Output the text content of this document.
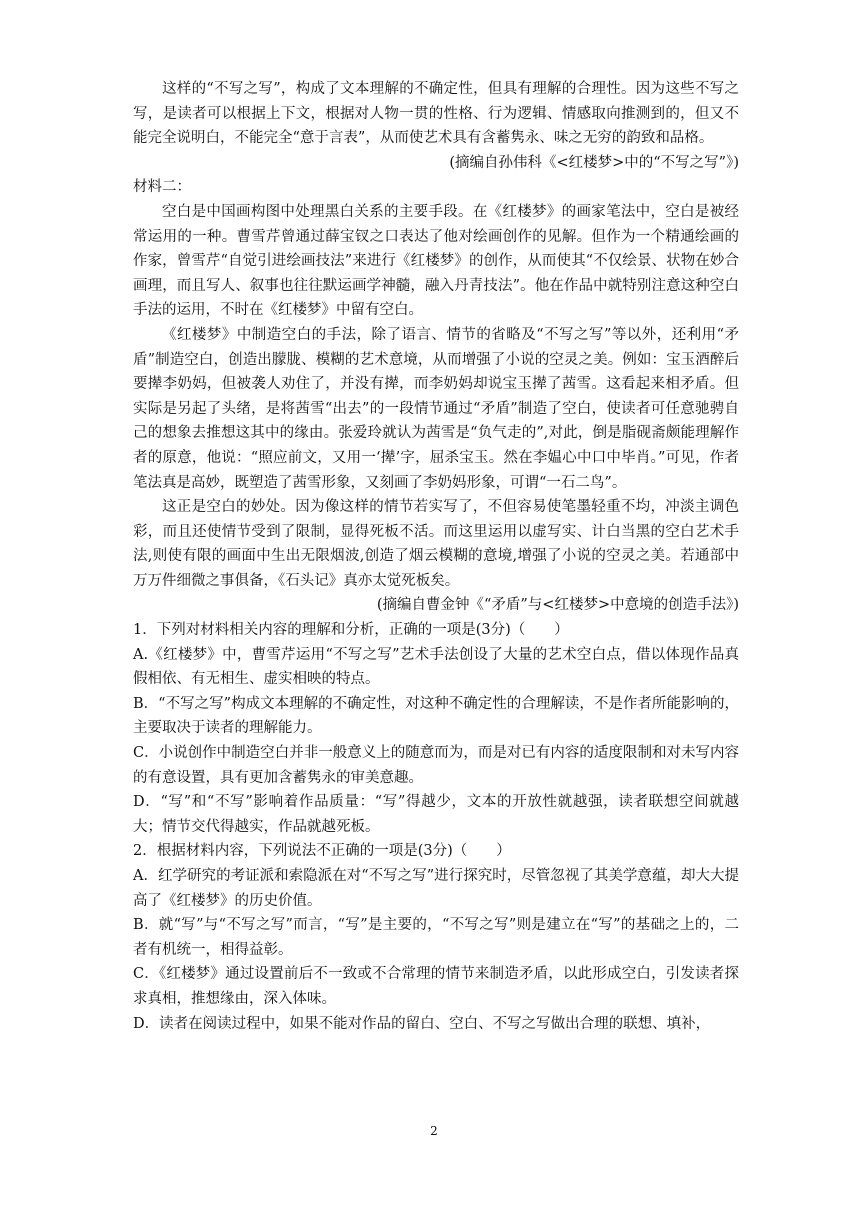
这样的“不写之写”，构成了文本理解的不确定性，但具有理解的合理性。因为这些不写之写，是读者可以根据上下文，根据对人物一贯的性格、行为逻辑、情感取向推测到的，但又不能完全说明白，不能完全“意于言表”，从而使艺术具有含蓄隽永、味之无穷的韵致和品格。

(摘编自孙伟科《<红楼梦>中的“不写之写”》)

材料二：

空白是中国画构图中处理黑白关系的主要手段。在《红楼梦》的画家笔法中，空白是被经常运用的一种。曹雪芹曾通过薛宝钗之口表达了他对绘画创作的见解。但作为一个精通绘画的作家，曾雪芹“自觉引进绘画技法”来进行《红楼梦》的创作，从而使其“不仅绘景、状物在妙合画理，而且写人、叙事也往往默运画学神髓，融入丹青技法”。他在作品中就特别注意这种空白手法的运用，不时在《红楼梦》中留有空白。

《红楼梦》中制造空白的手法，除了语言、情节的省略及“不写之写”等以外，还利用“矛盾”制造空白，创造出朦胧、模糊的艺术意境，从而增强了小说的空灵之美。例如：宝玉酒醉后要撵李奶妈，但被袭人劝住了，并没有撵，而李奶妈却说宝玉撵了茜雪。这看起来相矛盾。但实际是另起了头绪，是将茜雪“出去”的一段情节通过“矛盾”制造了空白，使读者可任意驰骋自己的想象去推想这其中的缘由。张爱玲就认为茜雪是“负气走的”,对此，倒是脂砚斋颇能理解作者的原意，他说：“照应前文，又用一‘撵’字，屈杀宝玉。然在李媪心中口中毕肖。”可见，作者笔法真是高妙，既塑造了茜雪形象，又刻画了李奶妈形象，可谓“一石二鸟”。

这正是空白的妙处。因为像这样的情节若实写了，不但容易使笔墨轻重不均，冲淡主调色彩，而且还使情节受到了限制，显得死板不活。而这里运用以虚写实、计白当黑的空白艺术手法,则使有限的画面中生出无限烟波,创造了烟云模糊的意境,增强了小说的空灵之美。若通部中万万件细微之事俱备，《石头记》真亦太觉死板矣。

(摘编自曹金钟《“矛盾”与<红楼梦>中意境的创造手法》)

1．下列对材料相关内容的理解和分析，正确的一项是(3分)（　　）

A.《红楼梦》中，曹雪芹运用“不写之写”艺术手法创设了大量的艺术空白点，借以体现作品真假相依、有无相生、虚实相映的特点。

B．“不写之写”构成文本理解的不确定性，对这种不确定性的合理解读，不是作者所能影响的，主要取决于读者的理解能力。

C．小说创作中制造空白并非一般意义上的随意而为，而是对已有内容的适度限制和对未写内容的有意设置，具有更加含蓄隽永的审美意趣。

D．“写”和“不写”影响着作品质量：“写”得越少，文本的开放性就越强，读者联想空间就越大；情节交代得越实，作品就越死板。

2．根据材料内容，下列说法不正确的一项是(3分)（　　）

A．红学研究的考证派和索隐派在对“不写之写”进行探究时，尽管忽视了其美学意蕴，却大大提高了《红楼梦》的历史价值。

B．就“写”与“不写之写”而言，“写”是主要的，“不写之写”则是建立在“写”的基础之上的，二者有机统一，相得益彰。

C．《红楼梦》通过设置前后不一致或不合常理的情节来制造矛盾，以此形成空白，引发读者探求真相，推想缘由，深入体味。

D．读者在阅读过程中，如果不能对作品的留白、空白、不写之写做出合理的联想、填补，

2
